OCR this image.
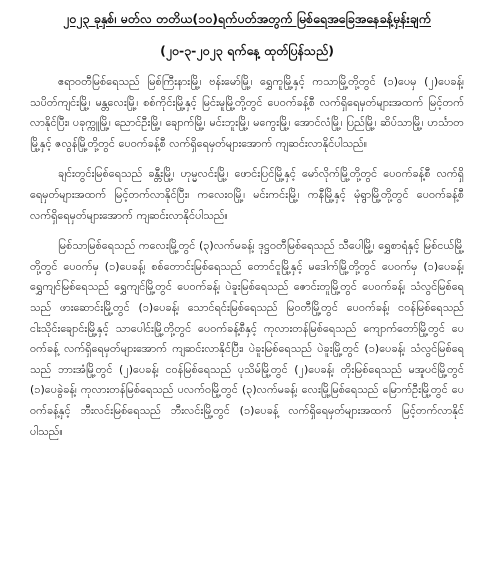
၂၀၂၃ ခုနှစ်၊ မတ်လ တတိယ(၁၀)ရက်ပတ်အတွက် မြစ်ရေအခြေအနေခန့်မှန်းချက်
(၂၀-၃-၂၀၂၃ ရက်နေ့ ထုတ်ပြန်သည်)

ဧရာဝတီမြစ်ရေသည် မြစ်ကြီးနားမြို့၊ ဗန်းမော်မြို့၊ ရွှေကူမြို့နှင့် ကသာမြို့တို့တွင် (၁)ပေမှ (၂)ပေခန့်၊ သပိတ်ကျင်းမြို့၊ မန္တလေးမြို့၊ စစ်ကိုင်းမြို့နှင့် မြင်းမူမြို့တို့တွင် ပေဝက်ခန့်စီ လက်ရှိရေမှတ်များအထက် မြင့်တက်လာနိုင်ပြီး၊ ပခုက္ကူမြို့၊ ညောင်ဦးမြို့၊ ချောက်မြို့၊ မင်းဘူးမြို့၊ မကွေးမြို့၊ အောင်လံမြို့၊ ပြည်မြို့၊ ဆိပ်သာမြို့၊ ဟင်္သာတမြို့နှင့် ဇလွန်မြို့တို့တွင် ပေဝက်ခန့်စီ လက်ရှိရေမှတ်များအောက် ကျဆင်းလာနိုင်ပါသည်။

ချင်းတွင်းမြစ်ရေသည် ခန္တီးမြို့၊ ဟုမ္မလင်းမြို့၊ ဖောင်းပြင်မြို့နှင့် မော်လိုက်မြို့တို့တွင် ပေဝက်ခန့်စီ လက်ရှိရေမှတ်များအထက် မြင့်တက်လာနိုင်ပြီး၊ ကလေးဝမြို့၊ မင်းကင်းမြို့၊ ကနီမြို့နှင့် မုံရွာမြို့တို့တွင် ပေဝက်ခန့်စီ လက်ရှိရေမှတ်များအောက် ကျဆင်းလာနိုင်ပါသည်။

မြစ်သာမြစ်ရေသည် ကလေးမြို့တွင် (၃)လက်မခန့်၊ ဒုဋ္ဌဝတီမြစ်ရေသည် သီပေါမြို့၊ ရွှေစာရံနှင့် မြစ်ငယ်မြို့တို့တွင် ပေဝက်မှ (၁)ပေခန့်၊ စစ်တောင်းမြစ်ရေသည် တောင်ငူမြို့နှင့် မဒေါက်မြို့တို့တွင် ပေဝက်မှ (၁)ပေခန့်၊ ရွှေကျင်မြစ်ရေသည် ရွှေကျင်မြို့တွင် ပေဝက်ခန့်၊ ပဲခူးမြစ်ရေသည် ဇောင်းတူမြို့တွင် ပေဝက်ခန့်၊ သံလွင်မြစ်ရေသည် ဖားဆောင်းမြို့တွင် (၁)ပေခန့်၊ သောင်ရင်းမြစ်ရေသည် မြဝတီမြို့တွင် ပေဝက်ခန့်၊ ငဝန်မြစ်ရေသည် ငါးသိုင်းချောင်းမြို့နှင့် သာပေါင်းမြို့တို့တွင် ပေဝက်ခန့်စီနှင့် ကုလားတန်မြစ်ရေသည် ကျောက်တော်မြို့တွင် ပေဝက်ခန့် လက်ရှိရေမှတ်များအောက် ကျဆင်းလာနိုင်ပြီး၊ ပဲခူးမြစ်ရေသည် ပဲခူးမြို့တွင် (၁)ပေခန့်၊ သံလွင်မြစ်ရေသည် ဘားအံမြို့တွင် (၂)ပေခန့်၊ ငဝန်မြစ်ရေသည် ပုသိမ်မြို့တွင် (၂)ပေခန့်၊ တိုးမြစ်ရေသည် မအူပင်မြို့တွင် (၁)ပေခွဲခန့်၊ ကုလားတန်မြစ်ရေသည် ပလက်ဝမြို့တွင် (၃)လက်မခန့်၊ လေးမြို့မြစ်ရေသည် မြောက်ဦးမြို့တွင် ပေဝက်ခန့်နှင့် ဘီးလင်းမြစ်ရေသည် ဘီးလင်းမြို့တွင် (၁)ပေခန့် လက်ရှိရေမှတ်များအထက် မြင့်တက်လာနိုင်ပါသည်။
